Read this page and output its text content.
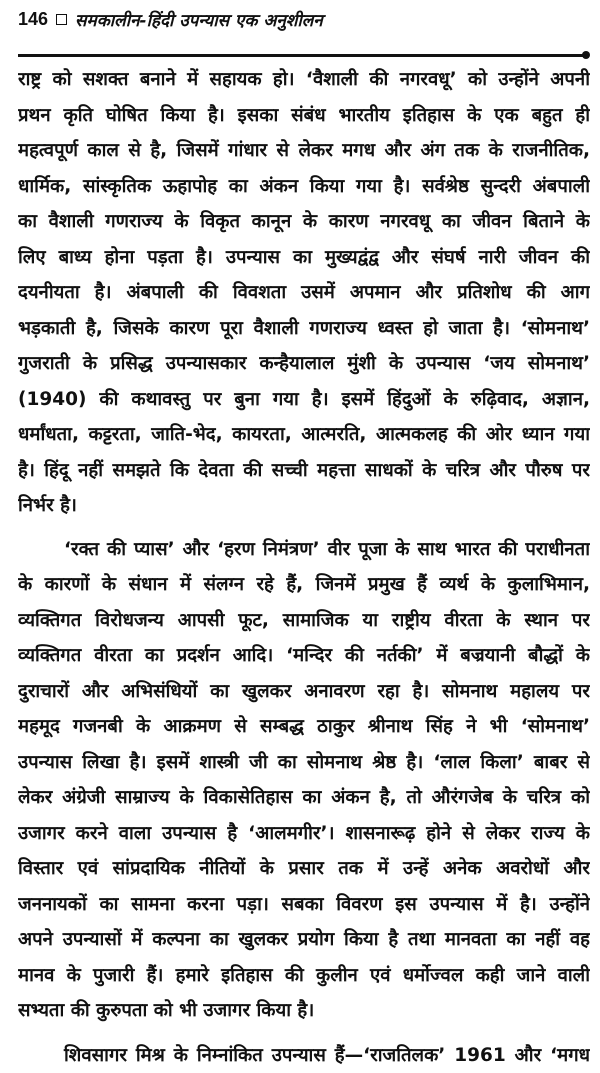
146 समकालीन-हिंदी उपन्यास एक अनुशीलन
राष्ट्र को सशक्त बनाने में सहायक हो। ‘वैशाली की नगरवधू’ को उन्होंने अपनी
प्रथन कृति घोषित किया है। इसका संबंध भारतीय इतिहास के एक बहुत ही
महत्वपूर्ण काल से है, जिसमें गांधार से लेकर मगध और अंग तक के राजनीतिक,
धार्मिक, सांस्कृतिक ऊहापोह का अंकन किया गया है। सर्वश्रेष्ठ सुन्दरी अंबपाली
का वैशाली गणराज्य के विकृत कानून के कारण नगरवधू का जीवन बिताने के
लिए बाध्य होना पड़ता है। उपन्यास का मुख्यद्वंद्व और संघर्ष नारी जीवन की
दयनीयता है। अंबपाली की विवशता उसमें अपमान और प्रतिशोध की आग
भड़काती है, जिसके कारण पूरा वैशाली गणराज्य ध्वस्त हो जाता है। ‘सोमनाथ’
गुजराती के प्रसिद्ध उपन्यासकार कन्हैयालाल मुंशी के उपन्यास ‘जय सोमनाथ’
(1940) की कथावस्तु पर बुना गया है। इसमें हिंदुओं के रुढ़िवाद, अज्ञान,
धर्मांधता, कट्टरता, जाति-भेद, कायरता, आत्मरति, आत्मकलह की ओर ध्यान गया
है। हिंदू नहीं समझते कि देवता की सच्ची महत्ता साधकों के चरित्र और पौरुष पर
निर्भर है।
‘रक्त की प्यास’ और ‘हरण निमंत्रण’ वीर पूजा के साथ भारत की पराधीनता
के कारणों के संधान में संलग्न रहे हैं, जिनमें प्रमुख हैं व्यर्थ के कुलाभिमान,
व्यक्तिगत विरोधजन्य आपसी फूट, सामाजिक या राष्ट्रीय वीरता के स्थान पर
व्यक्तिगत वीरता का प्रदर्शन आदि। ‘मन्दिर की नर्तकी’ में बज्रयानी बौद्धों के
दुराचारों और अभिसंधियों का खुलकर अनावरण रहा है। सोमनाथ महालय पर
महमूद गजनबी के आक्रमण से सम्बद्ध ठाकुर श्रीनाथ सिंह ने भी ‘सोमनाथ’
उपन्यास लिखा है। इसमें शास्त्री जी का सोमनाथ श्रेष्ठ है। ‘लाल किला’ बाबर से
लेकर अंग्रेजी साम्राज्य के विकासेतिहास का अंकन है, तो औरंगजेब के चरित्र को
उजागर करने वाला उपन्यास है ‘आलमगीर’। शासनारूढ़ होने से लेकर राज्य के
विस्तार एवं सांप्रदायिक नीतियों के प्रसार तक में उन्हें अनेक अवरोधों और
जननायकों का सामना करना पड़ा। सबका विवरण इस उपन्यास में है। उन्होंने
अपने उपन्यासों में कल्पना का खुलकर प्रयोग किया है तथा मानवता का नहीं वह
मानव के पुजारी हैं। हमारे इतिहास की कुलीन एवं धर्मोज्वल कही जाने वाली
सभ्यता की कुरुपता को भी उजागर किया है।
शिवसागर मिश्र के निम्नांकित उपन्यास हैं—‘राजतिलक’ 1961 और ‘मगध
